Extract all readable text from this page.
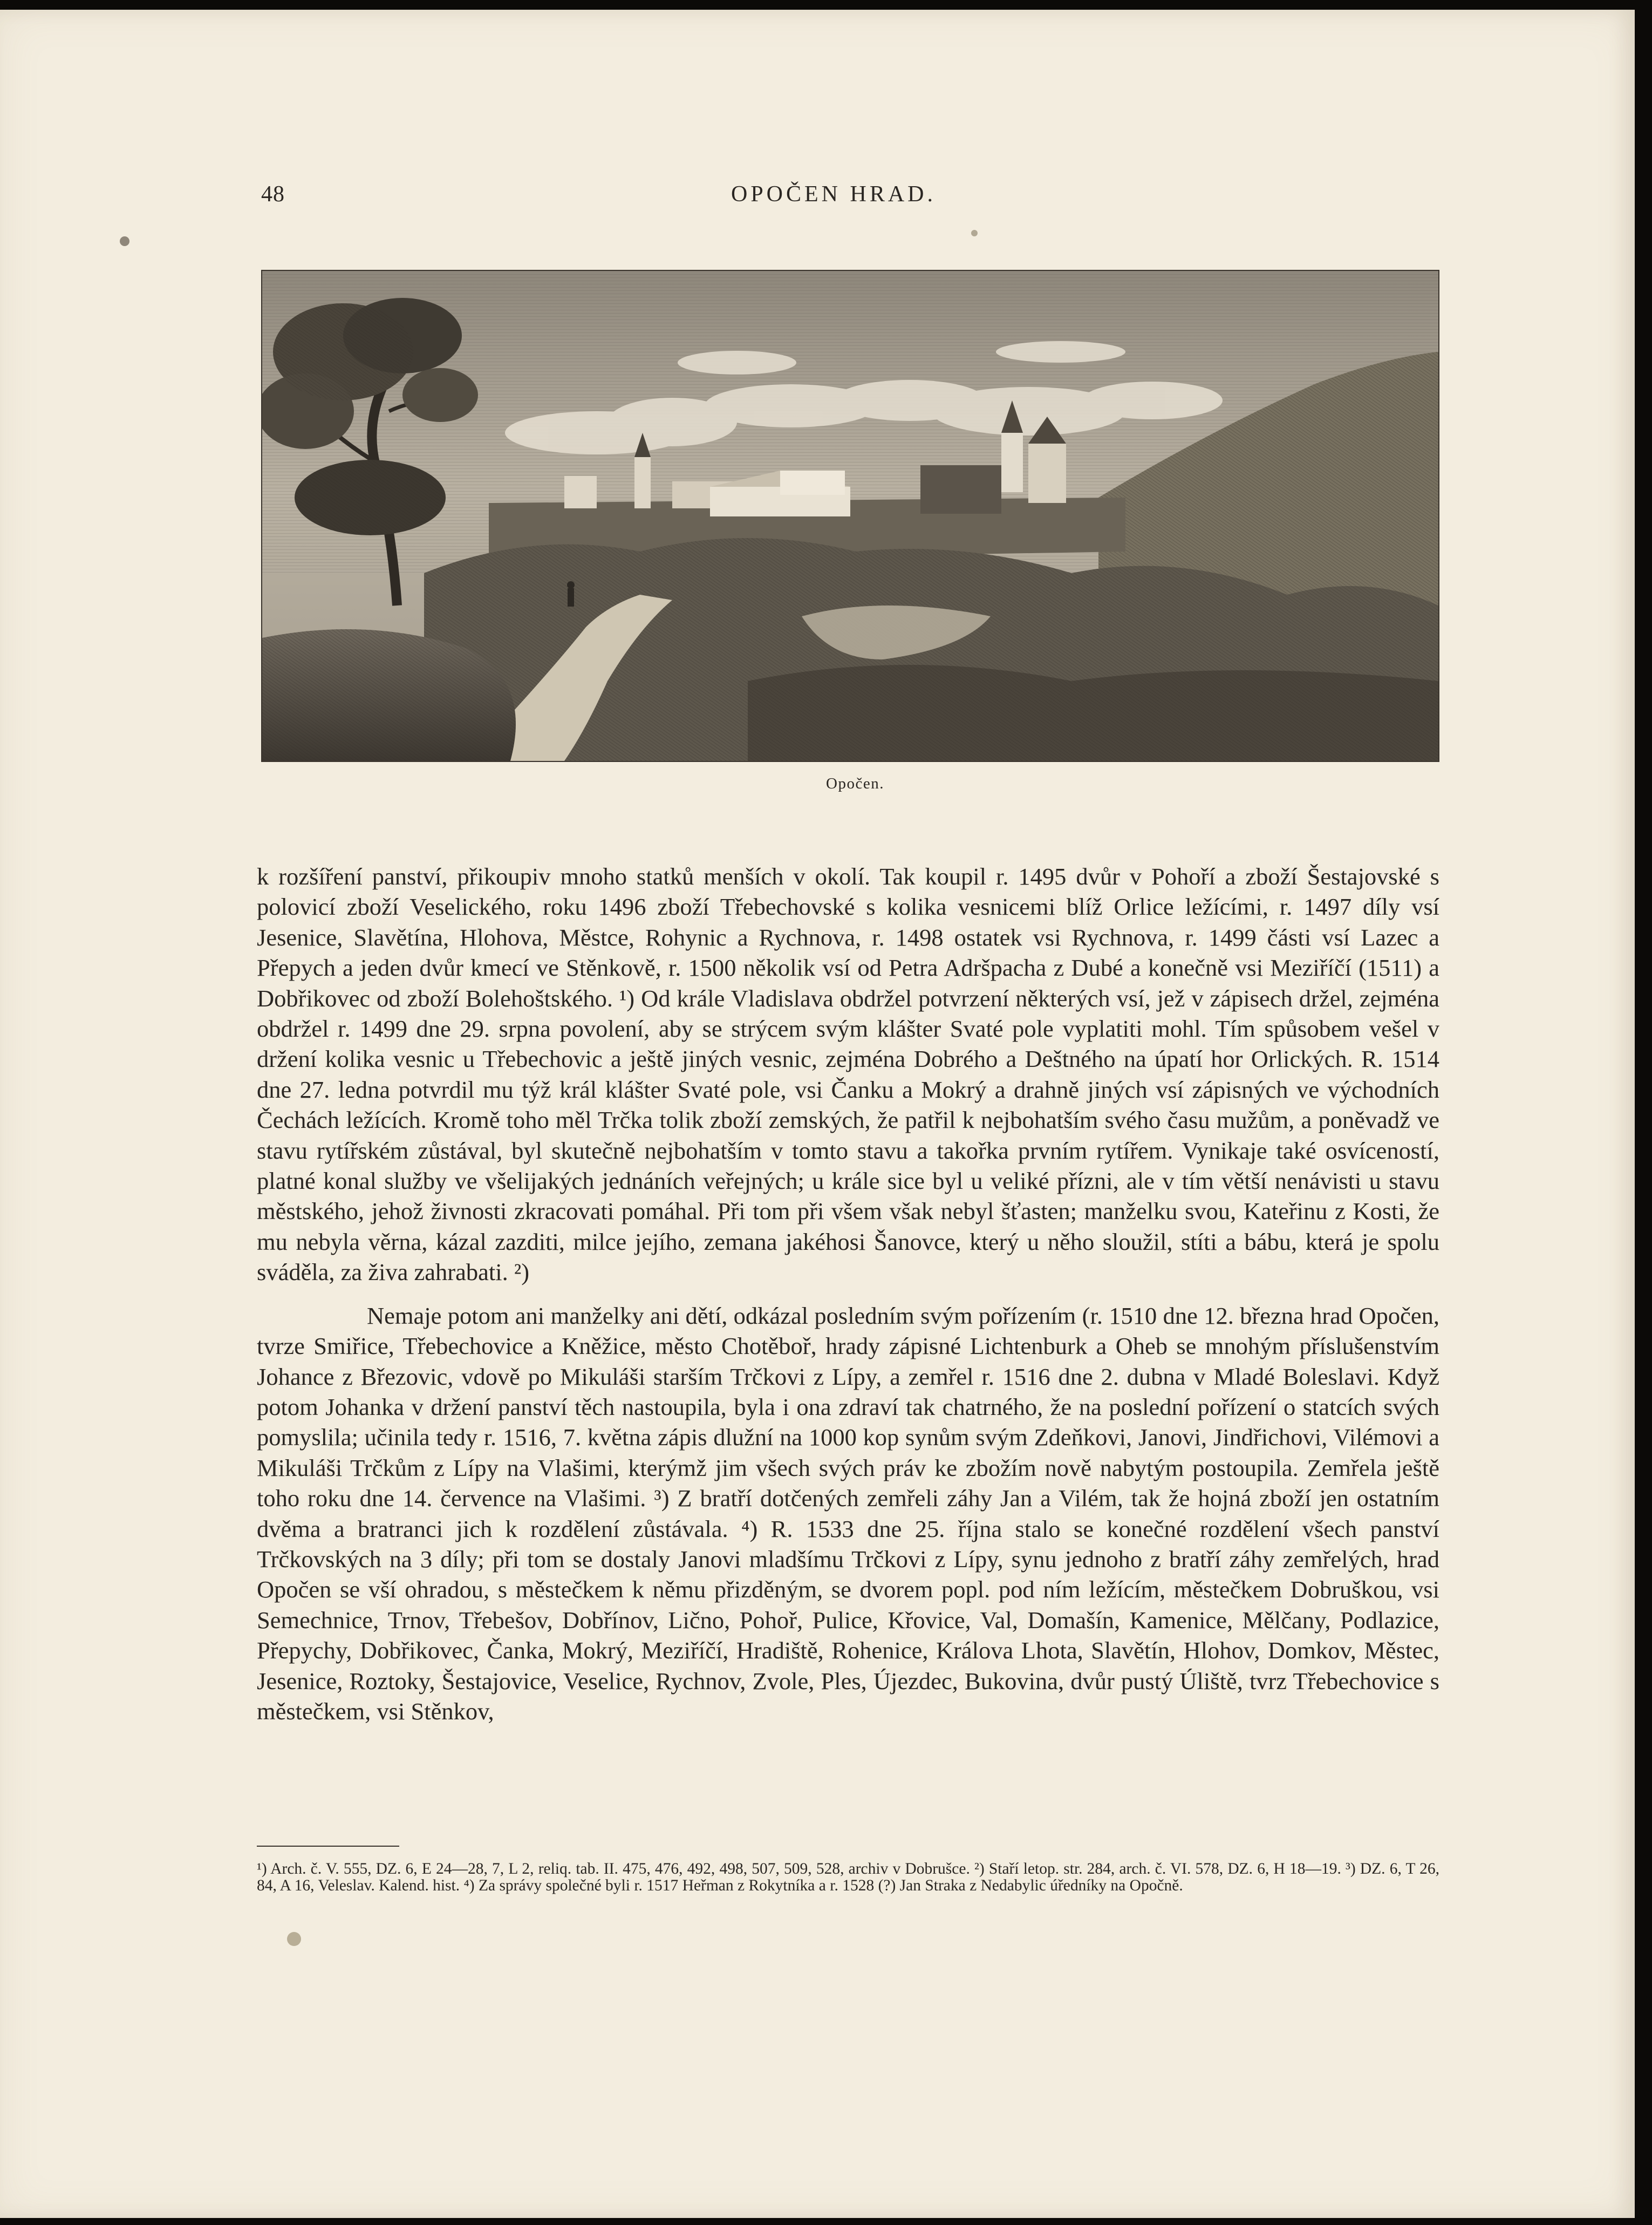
48	OPOČEN HRAD.
Opočen.

k rozšíření panství, přikoupiv mnoho statků menších v okolí. Tak koupil r. 1495 dvůr v Pohoří a zboží Šestajovské s polovicí zboží Veselického, roku 1496 zboží Třebechovské s kolika vesnicemi blíž Orlice ležícími, r. 1497 díly vsí Jesenice, Slavětína, Hlohova, Městce, Rohynic a Rychnova, r. 1498 ostatek vsi Rychnova, r. 1499 části vsí Lazec a Přepych a jeden dvůr kmecí ve Stěnkově, r. 1500 několik vsí od Petra Adršpacha z Dubé a konečně vsi Meziříčí (1511) a Dobřikovec od zboží Bolehoštského. ¹) Od krále Vladislava obdržel potvrzení některých vsí, jež v zápisech držel, zejména obdržel r. 1499 dne 29. srpna povolení, aby se strýcem svým klášter Svaté pole vyplatiti mohl. Tím spůsobem vešel v držení kolika vesnic u Třebechovic a ještě jiných vesnic, zejména Dobrého a Deštného na úpatí hor Orlických. R. 1514 dne 27. ledna potvrdil mu týž král klášter Svaté pole, vsi Čanku a Mokrý a drahně jiných vsí zápisných ve východních Čechách ležících. Kromě toho měl Trčka tolik zboží zemských, že patřil k nejbohatším svého času mužům, a poněvadž ve stavu rytířském zůstával, byl skutečně nejbohatším v tomto stavu a takořka prvním rytířem. Vynikaje také osvíceností, platné konal služby ve všelijakých jednáních veřejných; u krále sice byl u veliké přízni, ale v tím větší nenávisti u stavu městského, jehož živnosti zkracovati pomáhal. Při tom při všem však nebyl šťasten; manželku svou, Kateřinu z Kosti, že mu nebyla věrna, kázal zazditi, milce jejího, zemana jakéhosi Šanovce, který u něho sloužil, stíti a bábu, která je spolu sváděla, za živa zahrabati. ²)

Nemaje potom ani manželky ani dětí, odkázal posledním svým pořízením (r. 1510 dne 12. března hrad Opočen, tvrze Smiřice, Třebechovice a Kněžice, město Chotěboř, hrady zápisné Lichtenburk a Oheb se mnohým příslušenstvím Johance z Březovic, vdově po Mikuláši starším Trčkovi z Lípy, a zemřel r. 1516 dne 2. dubna v Mladé Boleslavi. Když potom Johanka v držení panství těch nastoupila, byla i ona zdraví tak chatrného, že na poslední pořízení o statcích svých pomyslila; učinila tedy r. 1516, 7. května zápis dlužní na 1000 kop synům svým Zdeňkovi, Janovi, Jindřichovi, Vilémovi a Mikuláši Trčkům z Lípy na Vlašimi, kterýmž jim všech svých práv ke zbožím nově nabytým postoupila. Zemřela ještě toho roku dne 14. července na Vlašimi. ³) Z bratří dotčených zemřeli záhy Jan a Vilém, tak že hojná zboží jen ostatním dvěma a bratranci jich k rozdělení zůstávala. ⁴) R. 1533 dne 25. října stalo se konečné rozdělení všech panství Trčkovských na 3 díly; při tom se dostaly Janovi mladšímu Trčkovi z Lípy, synu jednoho z bratří záhy zemřelých, hrad Opočen se vší ohradou, s městečkem k němu přizděným, se dvorem popl. pod ním ležícím, městečkem Dobruškou, vsi Semechnice, Trnov, Třebešov, Dobřínov, Lično, Pohoř, Pulice, Křovice, Val, Domašín, Kamenice, Mělčany, Podlazice, Přepychy, Dobřikovec, Čanka, Mokrý, Meziříčí, Hradiště, Rohenice, Králova Lhota, Slavětín, Hlohov, Domkov, Městec, Jesenice, Roztoky, Šestajovice, Veselice, Rychnov, Zvole, Ples, Újezdec, Bukovina, dvůr pustý Úliště, tvrz Třebechovice s městečkem, vsi Stěnkov,

¹) Arch. č. V. 555, DZ. 6, E 24—28, 7, L 2, reliq. tab. II. 475, 476, 492, 498, 507, 509, 528, archiv v Dobrušce. ²) Staří letop. str. 284, arch. č. VI. 578, DZ. 6, H 18—19. ³) DZ. 6, T 26, 84, A 16, Veleslav. Kalend. hist. ⁴) Za správy společné byli r. 1517 Heřman z Rokytníka a r. 1528 (?) Jan Straka z Nedabylic úředníky na Opočně.
